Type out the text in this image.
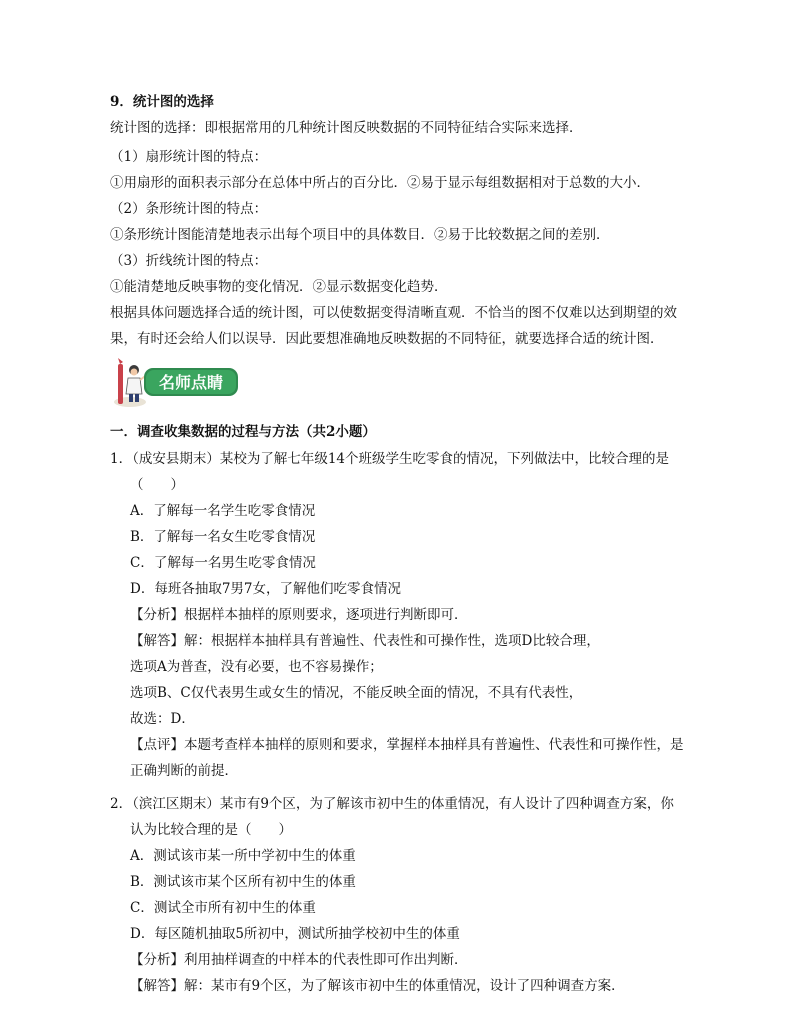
9．统计图的选择
统计图的选择：即根据常用的几种统计图反映数据的不同特征结合实际来选择．
（1）扇形统计图的特点：
①用扇形的面积表示部分在总体中所占的百分比．②易于显示每组数据相对于总数的大小．
（2）条形统计图的特点：
①条形统计图能清楚地表示出每个项目中的具体数目．②易于比较数据之间的差别．
（3）折线统计图的特点：
①能清楚地反映事物的变化情况．②显示数据变化趋势．
根据具体问题选择合适的统计图，可以使数据变得清晰直观．不恰当的图不仅难以达到期望的效
果，有时还会给人们以误导．因此要想准确地反映数据的不同特征，就要选择合适的统计图．
名师点睛
一．调查收集数据的过程与方法（共2小题）
1．（成安县期末）某校为了解七年级14个班级学生吃零食的情况，下列做法中，比较合理的是
（　　）
A．了解每一名学生吃零食情况
B．了解每一名女生吃零食情况
C．了解每一名男生吃零食情况
D．每班各抽取7男7女，了解他们吃零食情况
【分析】根据样本抽样的原则要求，逐项进行判断即可．
【解答】解：根据样本抽样具有普遍性、代表性和可操作性，选项D比较合理，
选项A为普查，没有必要，也不容易操作；
选项B、C仅代表男生或女生的情况，不能反映全面的情况，不具有代表性，
故选：D．
【点评】本题考查样本抽样的原则和要求，掌握样本抽样具有普遍性、代表性和可操作性，是
正确判断的前提．
2．（滨江区期末）某市有9个区，为了解该市初中生的体重情况，有人设计了四种调查方案，你
认为比较合理的是（　　）
A．测试该市某一所中学初中生的体重
B．测试该市某个区所有初中生的体重
C．测试全市所有初中生的体重
D．每区随机抽取5所初中，测试所抽学校初中生的体重
【分析】利用抽样调查的中样本的代表性即可作出判断．
【解答】解：某市有9个区，为了解该市初中生的体重情况，设计了四种调查方案．
